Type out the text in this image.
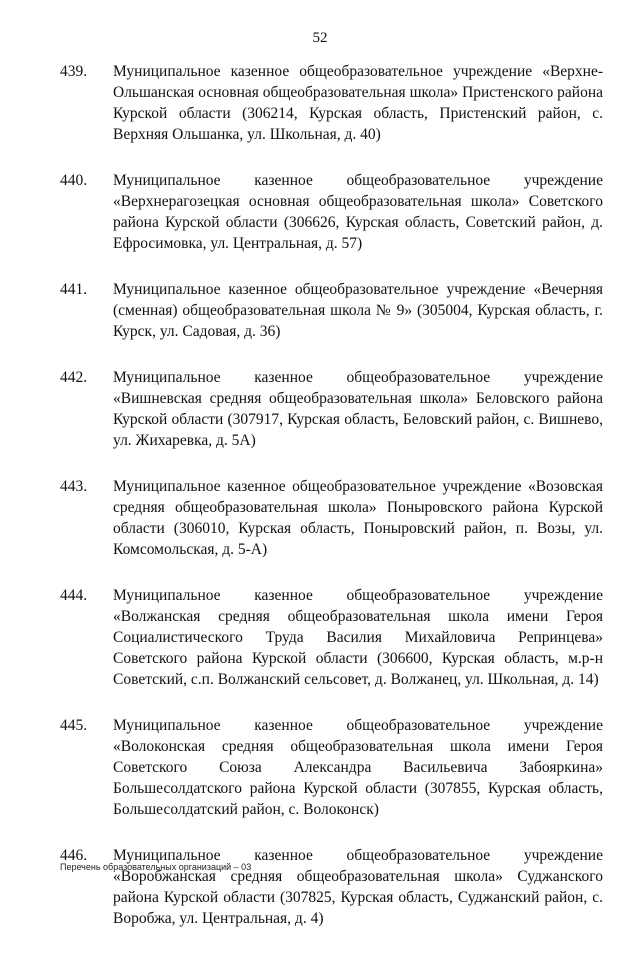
52
439. Муниципальное казенное общеобразовательное учреждение «Верхне-Ольшанская основная общеобразовательная школа» Пристенского района Курской области (306214, Курская область, Пристенский район, с. Верхняя Ольшанка, ул. Школьная, д. 40)
440. Муниципальное казенное общеобразовательное учреждение «Верхнерагозецкая основная общеобразовательная школа» Советского района Курской области (306626, Курская область, Советский район, д. Ефросимовка, ул. Центральная, д. 57)
441. Муниципальное казенное общеобразовательное учреждение «Вечерняя (сменная) общеобразовательная школа № 9» (305004, Курская область, г. Курск, ул. Садовая, д. 36)
442. Муниципальное казенное общеобразовательное учреждение «Вишневская средняя общеобразовательная школа» Беловского района Курской области (307917, Курская область, Беловский район, с. Вишнево, ул. Жихаревка, д. 5А)
443. Муниципальное казенное общеобразовательное учреждение «Возовская средняя общеобразовательная школа» Поныровского района Курской области (306010, Курская область, Поныровский район, п. Возы, ул. Комсомольская, д. 5-А)
444. Муниципальное казенное общеобразовательное учреждение «Волжанская средняя общеобразовательная школа имени Героя Социалистического Труда Василия Михайловича Репринцева» Советского района Курской области (306600, Курская область, м.р-н Советский, с.п. Волжанский сельсовет, д. Волжанец, ул. Школьная, д. 14)
445. Муниципальное казенное общеобразовательное учреждение «Волоконская средняя общеобразовательная школа имени Героя Советского Союза Александра Васильевича Забояркина» Большесолдатского района Курской области (307855, Курская область, Большесолдатский район, с. Волоконск)
446. Муниципальное казенное общеобразовательное учреждение «Воробжанская средняя общеобразовательная школа» Суджанского района Курской области (307825, Курская область, Суджанский район, с. Воробжа, ул. Центральная, д. 4)
Перечень образовательных организаций – 03
